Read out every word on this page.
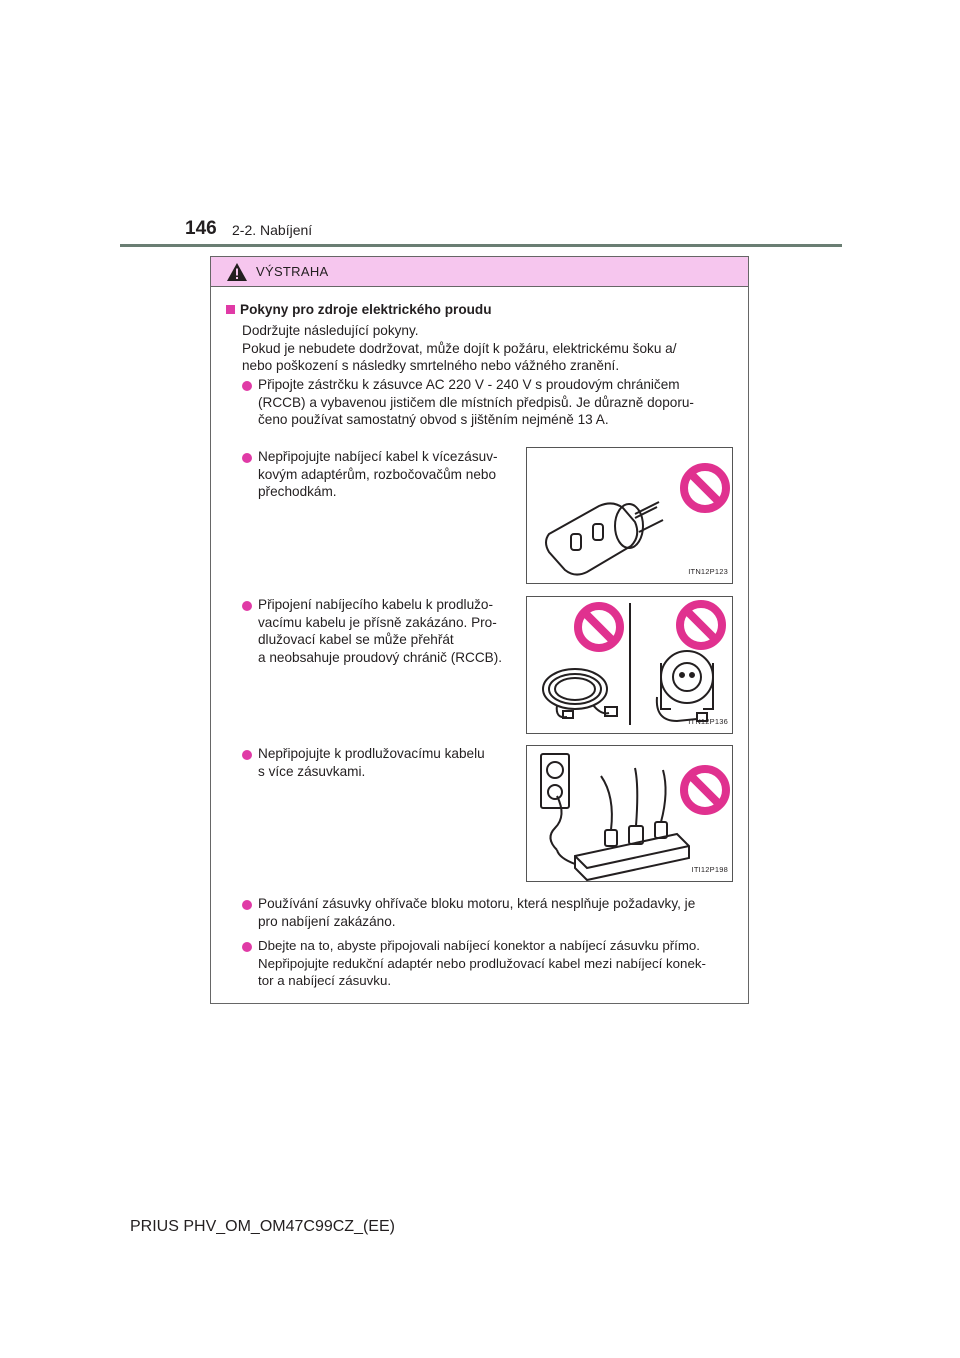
146 2-2. Nabíjení
VÝSTRAHA
Pokyny pro zdroje elektrického proudu
Dodržujte následující pokyny.
Pokud je nebudete dodržovat, může dojít k požáru, elektrickému šoku a/
nebo poškození s následky smrtelného nebo vážného zranění.
Připojte zástrčku k zásuvce AC 220 V - 240 V s proudovým chráničem
(RCCB) a vybavenou jističem dle místních předpisů. Je důrazně doporu-
čeno používat samostatný obvod s jištěním nejméně 13 A.
Nepřipojujte nabíjecí kabel k vícezásuv-
kovým adaptérům, rozbočovačům nebo
přechodkám.
ITN12P123
Připojení nabíjecího kabelu k prodlužo-
vacímu kabelu je přísně zakázáno. Pro-
dlužovací kabel se může přehřát
a neobsahuje proudový chránič (RCCB).
ITN12P136
Nepřipojujte k prodlužovacímu kabelu
s více zásuvkami.
ITI12P198
Používání zásuvky ohřívače bloku motoru, která nesplňuje požadavky, je
pro nabíjení zakázáno.
Dbejte na to, abyste připojovali nabíjecí konektor a nabíjecí zásuvku přímo.
Nepřipojujte redukční adaptér nebo prodlužovací kabel mezi nabíjecí konek-
tor a nabíjecí zásuvku.
PRIUS PHV_OM_OM47C99CZ_(EE)
